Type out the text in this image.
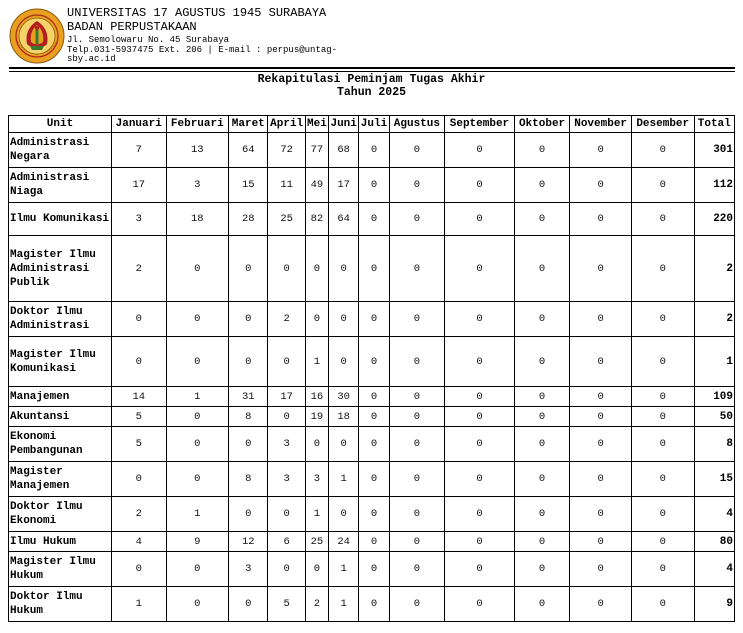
UNIVERSITAS 17 AGUSTUS 1945 SURABAYA
BADAN PERPUSTAKAAN
Jl. Semolowaru No. 45 Surabaya
Telp.031-5937475 Ext. 206 | E-mail : perpus@untag-sby.ac.id
Rekapitulasi Peminjam Tugas Akhir
Tahun 2025
Unit	Januari	Februari	Maret	April	Mei	Juni	Juli	Agustus	September	Oktober	November	Desember	Total
Administrasi Negara	7	13	64	72	77	68	0	0	0	0	0	0	301
Administrasi Niaga	17	3	15	11	49	17	0	0	0	0	0	0	112
Ilmu Komunikasi	3	18	28	25	82	64	0	0	0	0	0	0	220
Magister Ilmu Administrasi Publik	2	0	0	0	0	0	0	0	0	0	0	0	2
Doktor Ilmu Administrasi	0	0	0	2	0	0	0	0	0	0	0	0	2
Magister Ilmu Komunikasi	0	0	0	0	1	0	0	0	0	0	0	0	1
Manajemen	14	1	31	17	16	30	0	0	0	0	0	0	109
Akuntansi	5	0	8	0	19	18	0	0	0	0	0	0	50
Ekonomi Pembangunan	5	0	0	3	0	0	0	0	0	0	0	0	8
Magister Manajemen	0	0	8	3	3	1	0	0	0	0	0	0	15
Doktor Ilmu Ekonomi	2	1	0	0	1	0	0	0	0	0	0	0	4
Ilmu Hukum	4	9	12	6	25	24	0	0	0	0	0	0	80
Magister Ilmu Hukum	0	0	3	0	0	1	0	0	0	0	0	0	4
Doktor Ilmu Hukum	1	0	0	5	2	1	0	0	0	0	0	0	9
